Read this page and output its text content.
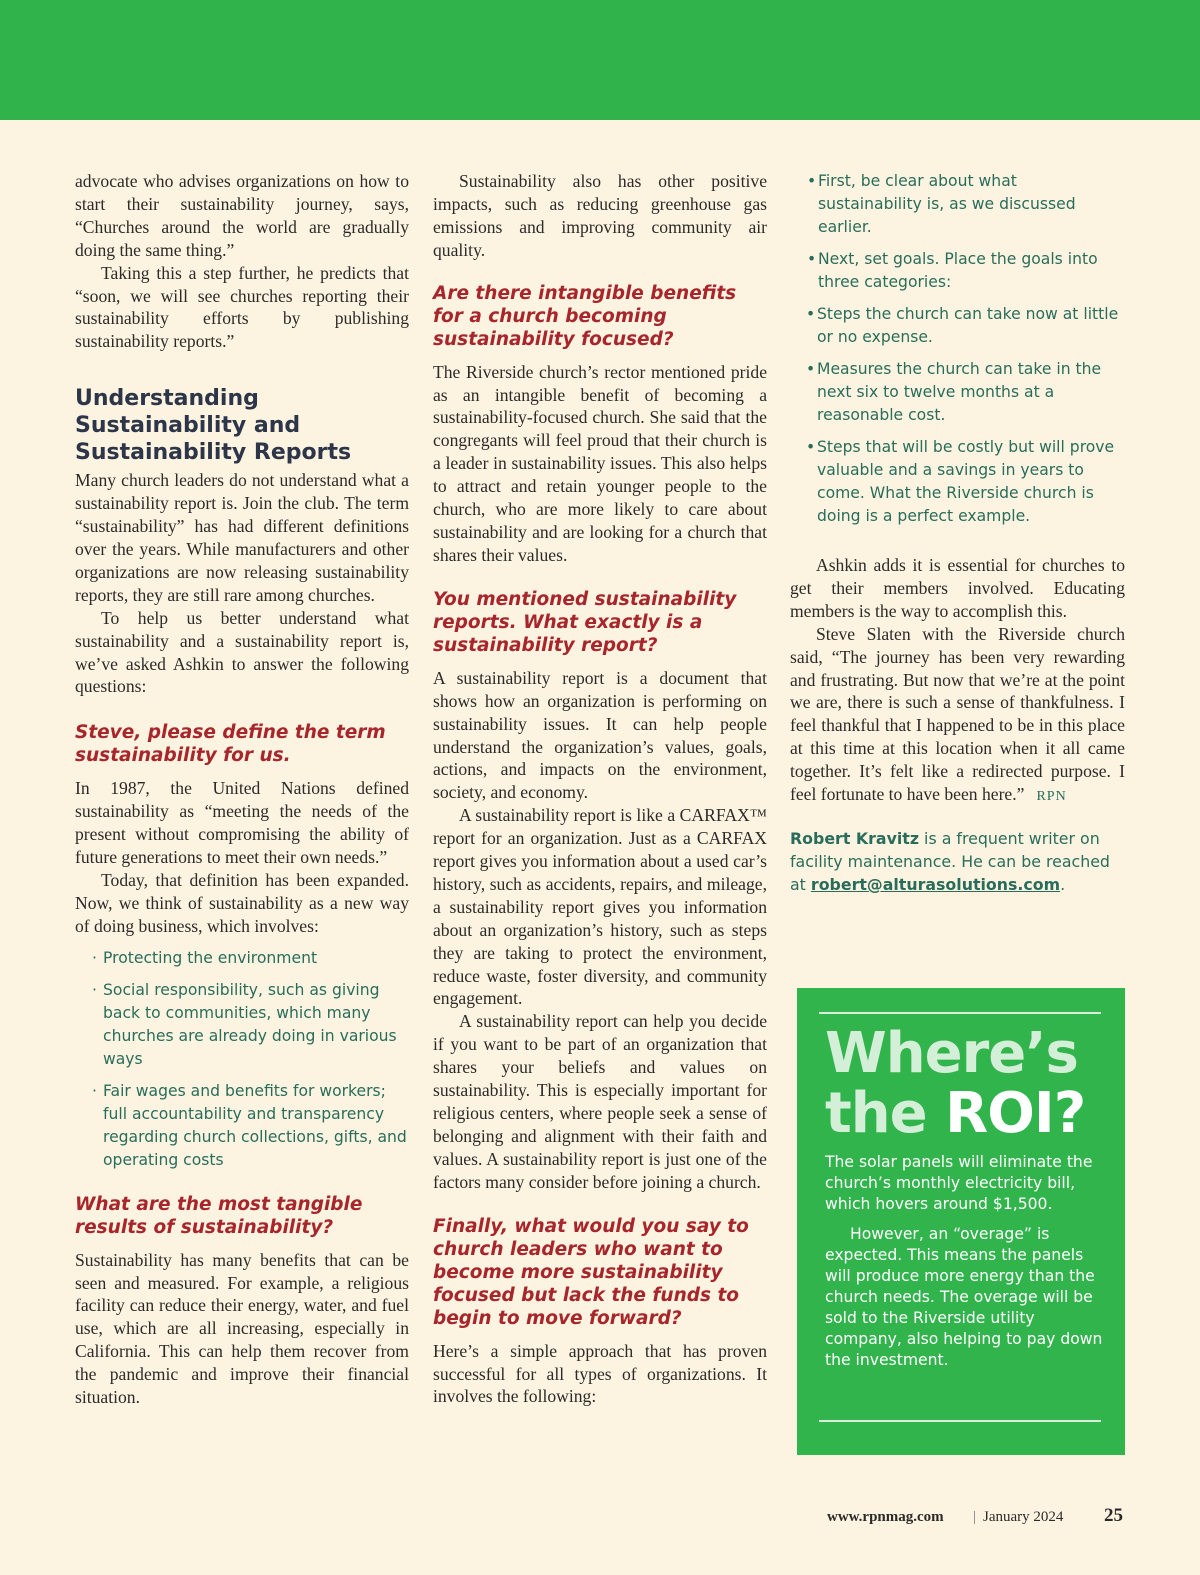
advocate who advises organizations on how to start their sustainability journey, says, “Churches around the world are gradually doing the same thing.”

Taking this a step further, he predicts that “soon, we will see churches reporting their sustainability efforts by publishing sustainability reports.”

Understanding Sustainability and Sustainability Reports

Many church leaders do not understand what a sustainability report is. Join the club. The term “sustainability” has had different definitions over the years. While manufacturers and other organizations are now releasing sustainability reports, they are still rare among churches.

To help us better understand what sustainability and a sustainability report is, we’ve asked Ashkin to answer the following questions:

Steve, please define the term sustainability for us.

In 1987, the United Nations defined sustainability as “meeting the needs of the present without compromising the ability of future generations to meet their own needs.”

Today, that definition has been expanded. Now, we think of sustainability as a new way of doing business, which involves:

· Protecting the environment
· Social responsibility, such as giving back to communities, which many churches are already doing in various ways
· Fair wages and benefits for workers; full accountability and transparency regarding church collections, gifts, and operating costs
What are the most tangible results of sustainability?

Sustainability has many benefits that can be seen and measured. For example, a religious facility can reduce their energy, water, and fuel use, which are all increasing, especially in California. This can help them recover from the pandemic and improve their financial situation.

Sustainability also has other positive impacts, such as reducing greenhouse gas emissions and improving community air quality.

Are there intangible benefits for a church becoming sustainability focused?

The Riverside church’s rector mentioned pride as an intangible benefit of becoming a sustainability-focused church. She said that the congregants will feel proud that their church is a leader in sustainability issues. This also helps to attract and retain younger people to the church, who are more likely to care about sustainability and are looking for a church that shares their values.

You mentioned sustainability reports. What exactly is a sustainability report?

A sustainability report is a document that shows how an organization is performing on sustainability issues. It can help people understand the organization’s values, goals, actions, and impacts on the environment, society, and economy.

A sustainability report is like a CARFAX™ report for an organization. Just as a CARFAX report gives you information about a used car’s history, such as accidents, repairs, and mileage, a sustainability report gives you information about an organization’s history, such as steps they are taking to protect the environment, reduce waste, foster diversity, and community engagement.

A sustainability report can help you decide if you want to be part of an organization that shares your beliefs and values on sustainability. This is especially important for religious centers, where people seek a sense of belonging and alignment with their faith and values. A sustainability report is just one of the factors many consider before joining a church.

Finally, what would you say to church leaders who want to become more sustainability focused but lack the funds to begin to move forward?

Here’s a simple approach that has proven successful for all types of organizations. It involves the following:

• First, be clear about what sustainability is, as we discussed earlier.
• Next, set goals. Place the goals into three categories:
• Steps the church can take now at little or no expense.
• Measures the church can take in the next six to twelve months at a reasonable cost.
• Steps that will be costly but will prove valuable and a savings in years to come. What the Riverside church is doing is a perfect example.

Ashkin adds it is essential for churches to get their members involved. Educating members is the way to accomplish this.

Steve Slaten with the Riverside church said, “The journey has been very rewarding and frustrating. But now that we’re at the point we are, there is such a sense of thankfulness. I feel thankful that I happened to be in this place at this time at this location when it all came together. It’s felt like a redirected purpose. I feel fortunate to have been here.” RPN

Robert Kravitz is a frequent writer on facility maintenance. He can be reached at robert@alturasolutions.com.

Where’s
the ROI?

The solar panels will eliminate the church’s monthly electricity bill, which hovers around $1,500.

However, an “overage” is expected. This means the panels will produce more energy than the church needs. The overage will be sold to the Riverside utility company, also helping to pay down the investment.

www.rpnmag.com | January 2024 25
